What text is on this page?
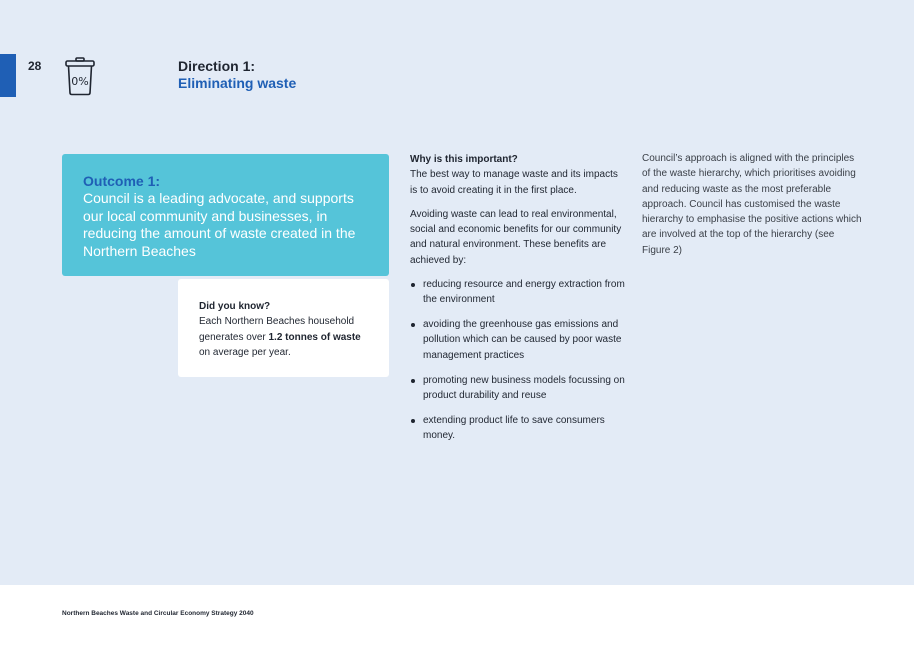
28
0%
Direction 1:
Eliminating waste
Outcome 1:
Council is a leading advocate, and supports our local community and businesses, in reducing the amount of waste created in the Northern Beaches
Did you know?
Each Northern Beaches household generates over 1.2 tonnes of waste on average per year.
Why is this important?

The best way to manage waste and its impacts is to avoid creating it in the first place.

Avoiding waste can lead to real environmental, social and economic benefits for our community and natural environment. These benefits are achieved by:

reducing resource and energy extraction from the environment
avoiding the greenhouse gas emissions and pollution which can be caused by poor waste management practices
promoting new business models focussing on product durability and reuse
extending product life to save consumers money.
Council’s approach is aligned with the principles of the waste hierarchy, which prioritises avoiding and reducing waste as the most preferable approach. Council has customised the waste hierarchy to emphasise the positive actions which are involved at the top of the hierarchy (see Figure 2)
Northern Beaches Waste and Circular Economy Strategy 2040
